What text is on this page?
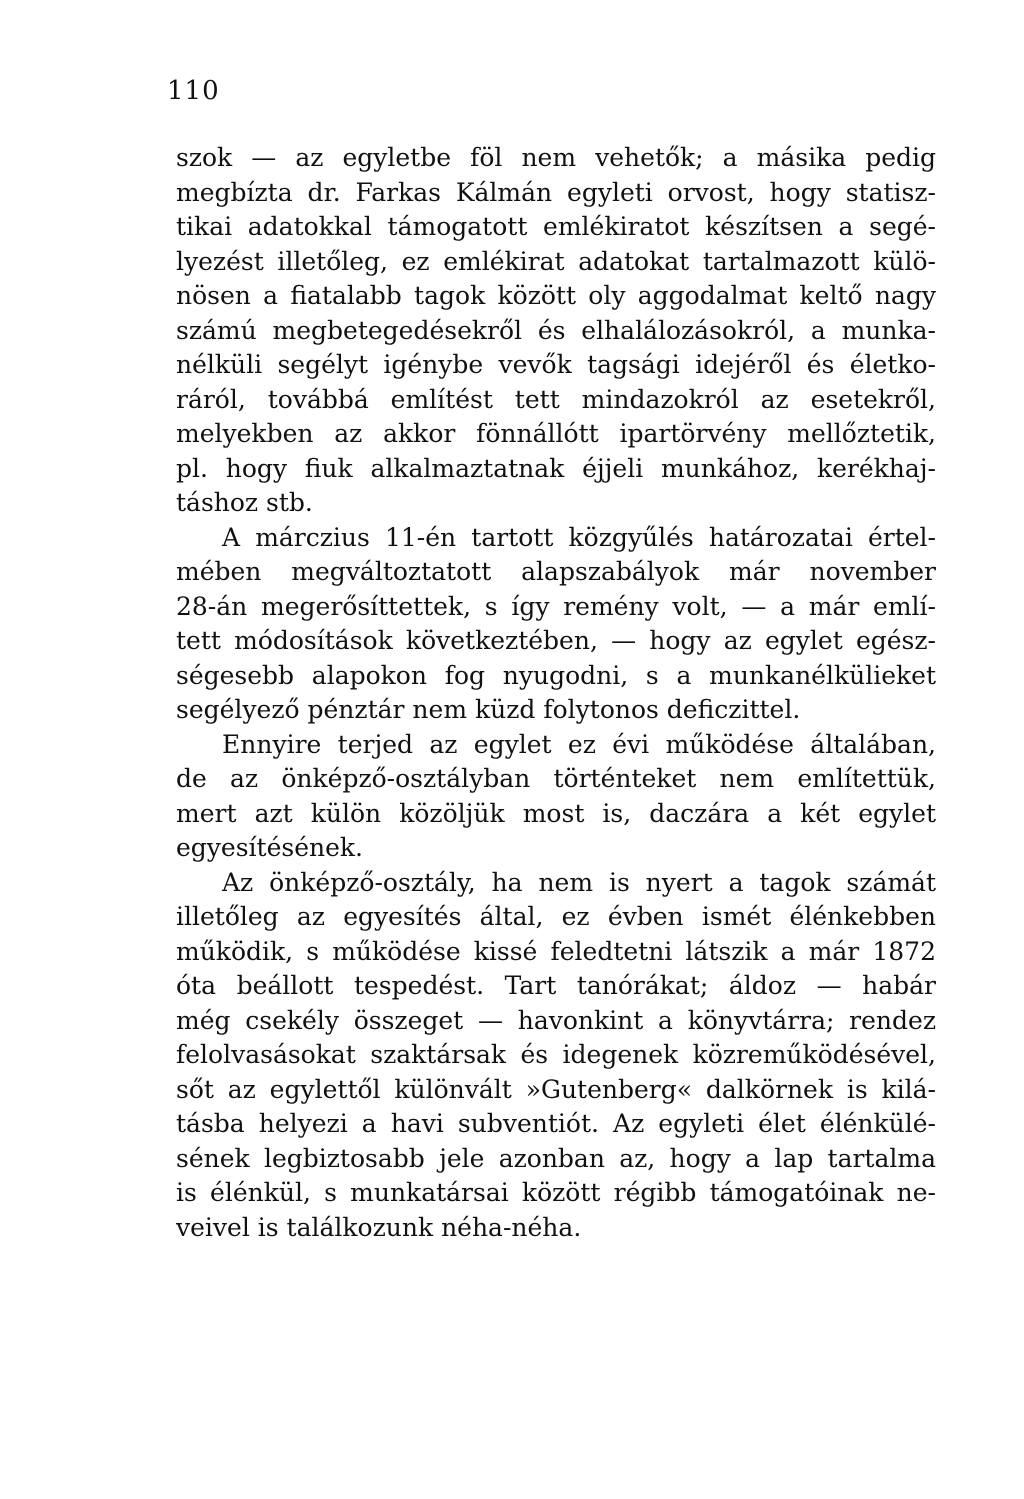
110
szok — az egyletbe föl nem vehetők; a másika pedig
megbízta dr. Farkas Kálmán egyleti orvost, hogy statisz-
tikai adatokkal támogatott emlékiratot készítsen a segé-
lyezést illetőleg, ez emlékirat adatokat tartalmazott külö-
nösen a fiatalabb tagok között oly aggodalmat keltő nagy
számú megbetegedésekről és elhalálozásokról, a munka-
nélküli segélyt igénybe vevők tagsági idejéről és életko-
ráról, továbbá említést tett mindazokról az esetekről,
melyekben az akkor fönnállótt ipartörvény mellőztetik,
pl. hogy fiuk alkalmaztatnak éjjeli munkához, kerékhaj-
táshoz stb.
A márczius 11-én tartott közgyűlés határozatai értel-
mében megváltoztatott alapszabályok már november
28-án megerősíttettek, s így remény volt, — a már emlí-
tett módosítások következtében, — hogy az egylet egész-
ségesebb alapokon fog nyugodni, s a munkanélkülieket
segélyező pénztár nem küzd folytonos deficzittel.
Ennyire terjed az egylet ez évi működése általában,
de az önképző-osztályban történteket nem említettük,
mert azt külön közöljük most is, daczára a két egylet
egyesítésének.
Az önképző-osztály, ha nem is nyert a tagok számát
illetőleg az egyesítés által, ez évben ismét élénkebben
működik, s működése kissé feledtetni látszik a már 1872
óta beállott tespedést. Tart tanórákat; áldoz — habár
még csekély összeget — havonkint a könyvtárra; rendez
felolvasásokat szaktársak és idegenek közreműködésével,
sőt az egylettől különvált »Gutenberg« dalkörnek is kilá-
tásba helyezi a havi subventiót. Az egyleti élet élénkülé-
sének legbiztosabb jele azonban az, hogy a lap tartalma
is élénkül, s munkatársai között régibb támogatóinak ne-
veivel is találkozunk néha-néha.
